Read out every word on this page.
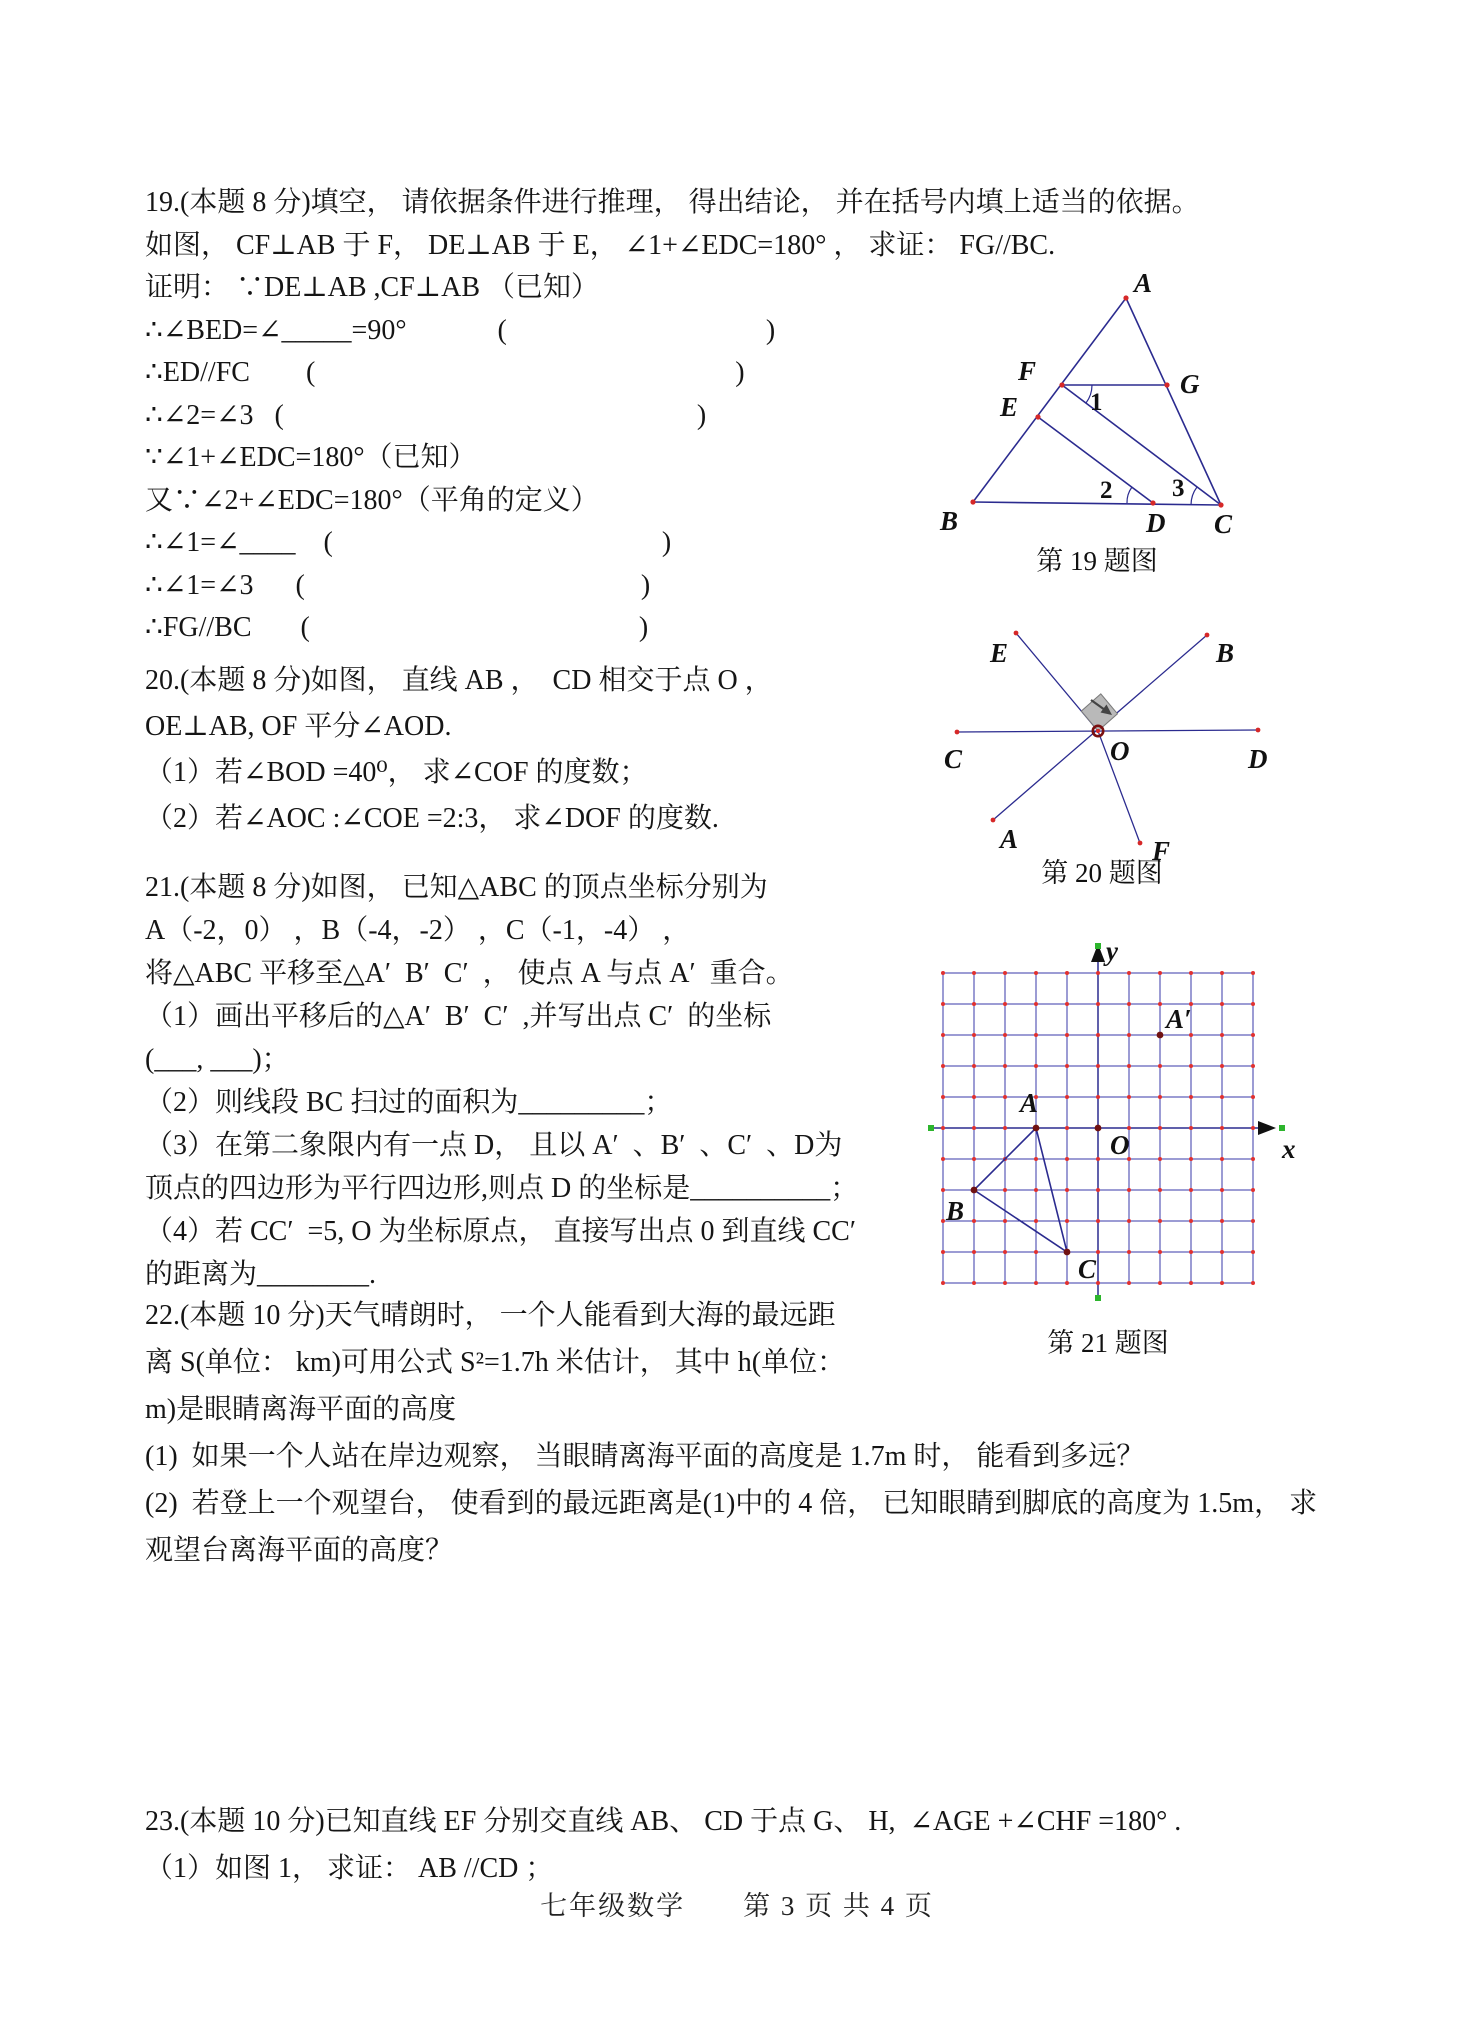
19.(本题 8 分)填空， 请依据条件进行推理， 得出结论， 并在括号内填上适当的依据。
如图， CF⊥AB 于 F， DE⊥AB 于 E， ∠1+∠EDC=180° ， 求证： FG//BC.
证明： ∵DE⊥AB ,CF⊥AB （已知）
∴∠BED=∠_____=90°             (                                     )
∴ED//FC        (                                                            )
∴∠2=∠3   (                                                           )
∵∠1+∠EDC=180°（已知）
又∵∠2+∠EDC=180°（平角的定义）
∴∠1=∠____    (                                               )
∴∠1=∠3      (                                                )
∴FG//BC       (                                               )
20.(本题 8 分)如图， 直线 AB ，  CD 相交于点 O ，
OE⊥AB, OF 平分∠AOD.
（1）若∠BOD =40⁰， 求∠COF 的度数；
（2）若∠AOC :∠COE =2:3， 求∠DOF 的度数.
21.(本题 8 分)如图， 已知△ABC 的顶点坐标分别为
A（-2，0） ，B（-4，-2） ，C（-1，-4） ，
将△ABC 平移至△A′  B′  C′  ， 使点 A 与点 A′  重合。
（1）画出平移后的△A′  B′  C′  ,并写出点 C′  的坐标
(___, ___)；
（2）则线段 BC 扫过的面积为_________；
（3）在第二象限内有一点 D， 且以 A′  、B′  、C′  、D为
顶点的四边形为平行四边形,则点 D 的坐标是__________；
（4）若 CC′  =5, O 为坐标原点， 直接写出点 0 到直线 CC′
的距离为________.
22.(本题 10 分)天气晴朗时， 一个人能看到大海的最远距
离 S(单位： km)可用公式 S²=1.7h 米估计， 其中 h(单位：
m)是眼睛离海平面的高度
(1)  如果一个人站在岸边观察， 当眼睛离海平面的高度是 1.7m 时， 能看到多远？
(2)  若登上一个观望台， 使看到的最远距离是(1)中的 4 倍， 已知眼睛到脚底的高度为 1.5m， 求
观望台离海平面的高度？
23.(本题 10 分)已知直线 EF 分别交直线 AB、 CD 于点 G、 H,  ∠AGE +∠CHF =180° .
（1）如图 1， 求证： AB //CD ；
七年级数学　　第 3 页 共 4 页
A
F	G
E
B	D C
1
2 3
第 19 题图
E	B
C	D
O
A	F
第 20 题图
y
x
O
A
B
C
A′
第 21 题图
